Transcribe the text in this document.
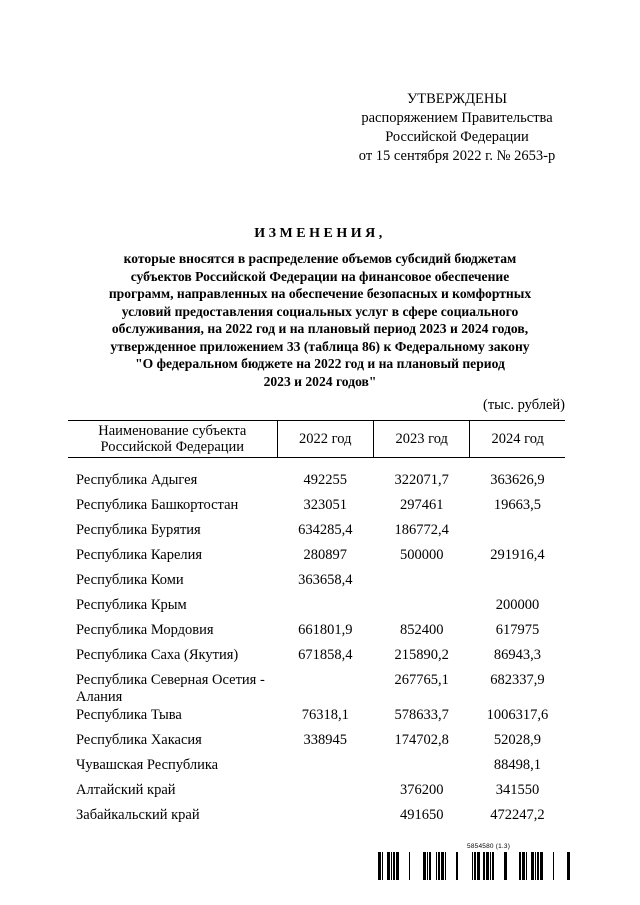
УТВЕРЖДЕНЫ
распоряжением Правительства
Российской Федерации
от 15 сентября 2022 г. № 2653-р
ИЗМЕНЕНИЯ,
которые вносятся в распределение объемов субсидий бюджетам
субъектов Российской Федерации на финансовое обеспечение
программ, направленных на обеспечение безопасных и комфортных
условий предоставления социальных услуг в сфере социального
обслуживания, на 2022 год и на плановый период 2023 и 2024 годов,
утвержденное приложением 33 (таблица 86) к Федеральному закону
"О федеральном бюджете на 2022 год и на плановый период
2023 и 2024 годов"
(тыс. рублей)
Наименование субъекта
Российской Федерации	2022 год	2023 год	2024 год

Республика Адыгея	492255	322071,7	363626,9
Республика Башкортостан	323051	297461	19663,5
Республика Бурятия	634285,4	186772,4	
Республика Карелия	280897	500000	291916,4
Республика Коми	363658,4		
Республика Крым			200000
Республика Мордовия	661801,9	852400	617975
Республика Саха (Якутия)	671858,4	215890,2	86943,3

Республика Северная Осетия -
Алания		267765,1	682337,9
Республика Тыва	76318,1	578633,7	1006317,6
Республика Хакасия	338945	174702,8	52028,9
Чувашская Республика			88498,1
Алтайский край		376200	341550
Забайкальский край		491650	472247,2
5854580 (1.3)
